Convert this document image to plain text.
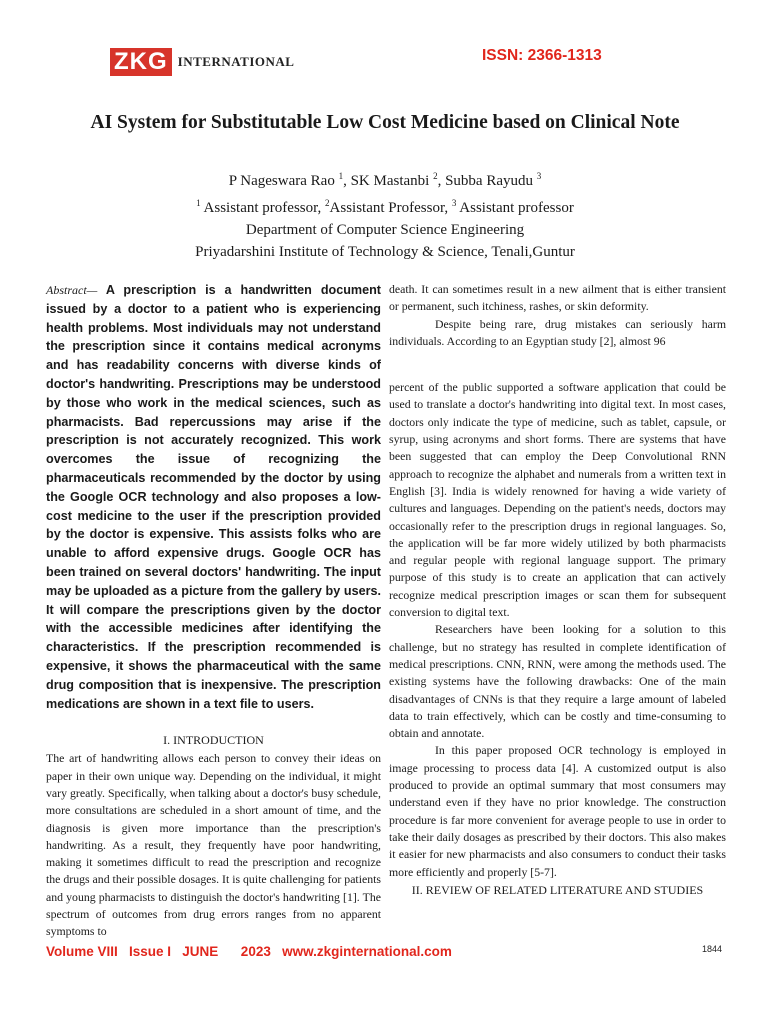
ZKG INTERNATIONAL	ISSN: 2366-1313
AI System for Substitutable Low Cost Medicine based on Clinical Note
P Nageswara Rao $^1$, SK Mastanbi $^2$, Subba Rayudu $^3$
$^1$ Assistant professor, $^2$Assistant Professor, $^3$ Assistant professor
Department of Computer Science Engineering
Priyadarshini Institute of Technology & Science, Tenali,Guntur

Abstract— A prescription is a handwritten document issued by a doctor to a patient who is experiencing health problems. Most individuals may not understand the prescription since it contains medical acronyms and has readability concerns with diverse kinds of doctor's handwriting. Prescriptions may be understood by those who work in the medical sciences, such as pharmacists. Bad repercussions may arise if the prescription is not accurately recognized. This work overcomes the issue of recognizing the pharmaceuticals recommended by the doctor by using the Google OCR technology and also proposes a low-cost medicine to the user if the prescription provided by the doctor is expensive. This assists folks who are unable to afford expensive drugs. Google OCR has been trained on several doctors' handwriting. The input may be uploaded as a picture from the gallery by users. It will compare the prescriptions given by the doctor with the accessible medicines after identifying the characteristics. If the prescription recommended is expensive, it shows the pharmaceutical with the same drug composition that is inexpensive. The prescription medications are shown in a text file to users.

I. INTRODUCTION

The art of handwriting allows each person to convey their ideas on paper in their own unique way. Depending on the individual, it might vary greatly. Specifically, when talking about a doctor's busy schedule, more consultations are scheduled in a short amount of time, and the diagnosis is given more importance than the prescription's handwriting. As a result, they frequently have poor handwriting, making it sometimes difficult to read the prescription and recognize the drugs and their possible dosages. It is quite challenging for patients and young pharmacists to distinguish the doctor's handwriting [1]. The spectrum of outcomes from drug errors ranges from no apparent symptoms to

death. It can sometimes result in a new ailment that is either transient or permanent, such itchiness, rashes, or skin deformity.

Despite being rare, drug mistakes can seriously harm individuals. According to an Egyptian study [2], almost 96

percent of the public supported a software application that could be used to translate a doctor's handwriting into digital text. In most cases, doctors only indicate the type of medicine, such as tablet, capsule, or syrup, using acronyms and short forms. There are systems that have been suggested that can employ the Deep Convolutional RNN approach to recognize the alphabet and numerals from a written text in English [3]. India is widely renowned for having a wide variety of cultures and languages. Depending on the patient's needs, doctors may occasionally refer to the prescription drugs in regional languages. So, the application will be far more widely utilized by both pharmacists and regular people with regional language support. The primary purpose of this study is to create an application that can actively recognize medical prescription images or scan them for subsequent conversion to digital text.

Researchers have been looking for a solution to this challenge, but no strategy has resulted in complete identification of medical prescriptions. CNN, RNN, were among the methods used. The existing systems have the following drawbacks: One of the main disadvantages of CNNs is that they require a large amount of labeled data to train effectively, which can be costly and time-consuming to obtain and annotate.

In this paper proposed OCR technology is employed in image processing to process data [4]. A customized output is also produced to provide an optimal summary that most consumers may understand even if they have no prior knowledge. The construction procedure is far more convenient for average people to use in order to take their daily dosages as prescribed by their doctors. This also makes it easier for new pharmacists and also consumers to conduct their tasks more efficiently and properly [5-7].

II. REVIEW OF RELATED LITERATURE AND STUDIES

Volume VIII   Issue I   JUNE      2023   www.zkginternational.com	1844
